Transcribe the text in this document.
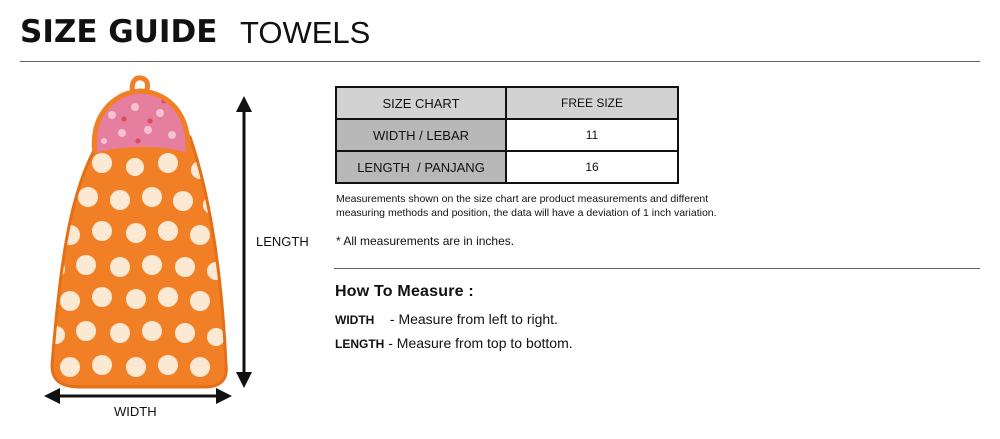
SIZE GUIDE TOWELS
LENGTH
WIDTH
SIZE CHART	FREE SIZE
WIDTH / LEBAR	11
LENGTH  / PANJANG	16
Measurements shown on the size chart are product measurements and different
measuring methods and position, the data will have a deviation of 1 inch variation.
* All measurements are in inches.
How To Measure :
WIDTH    - Measure from left to right.
LENGTH - Measure from top to bottom.
